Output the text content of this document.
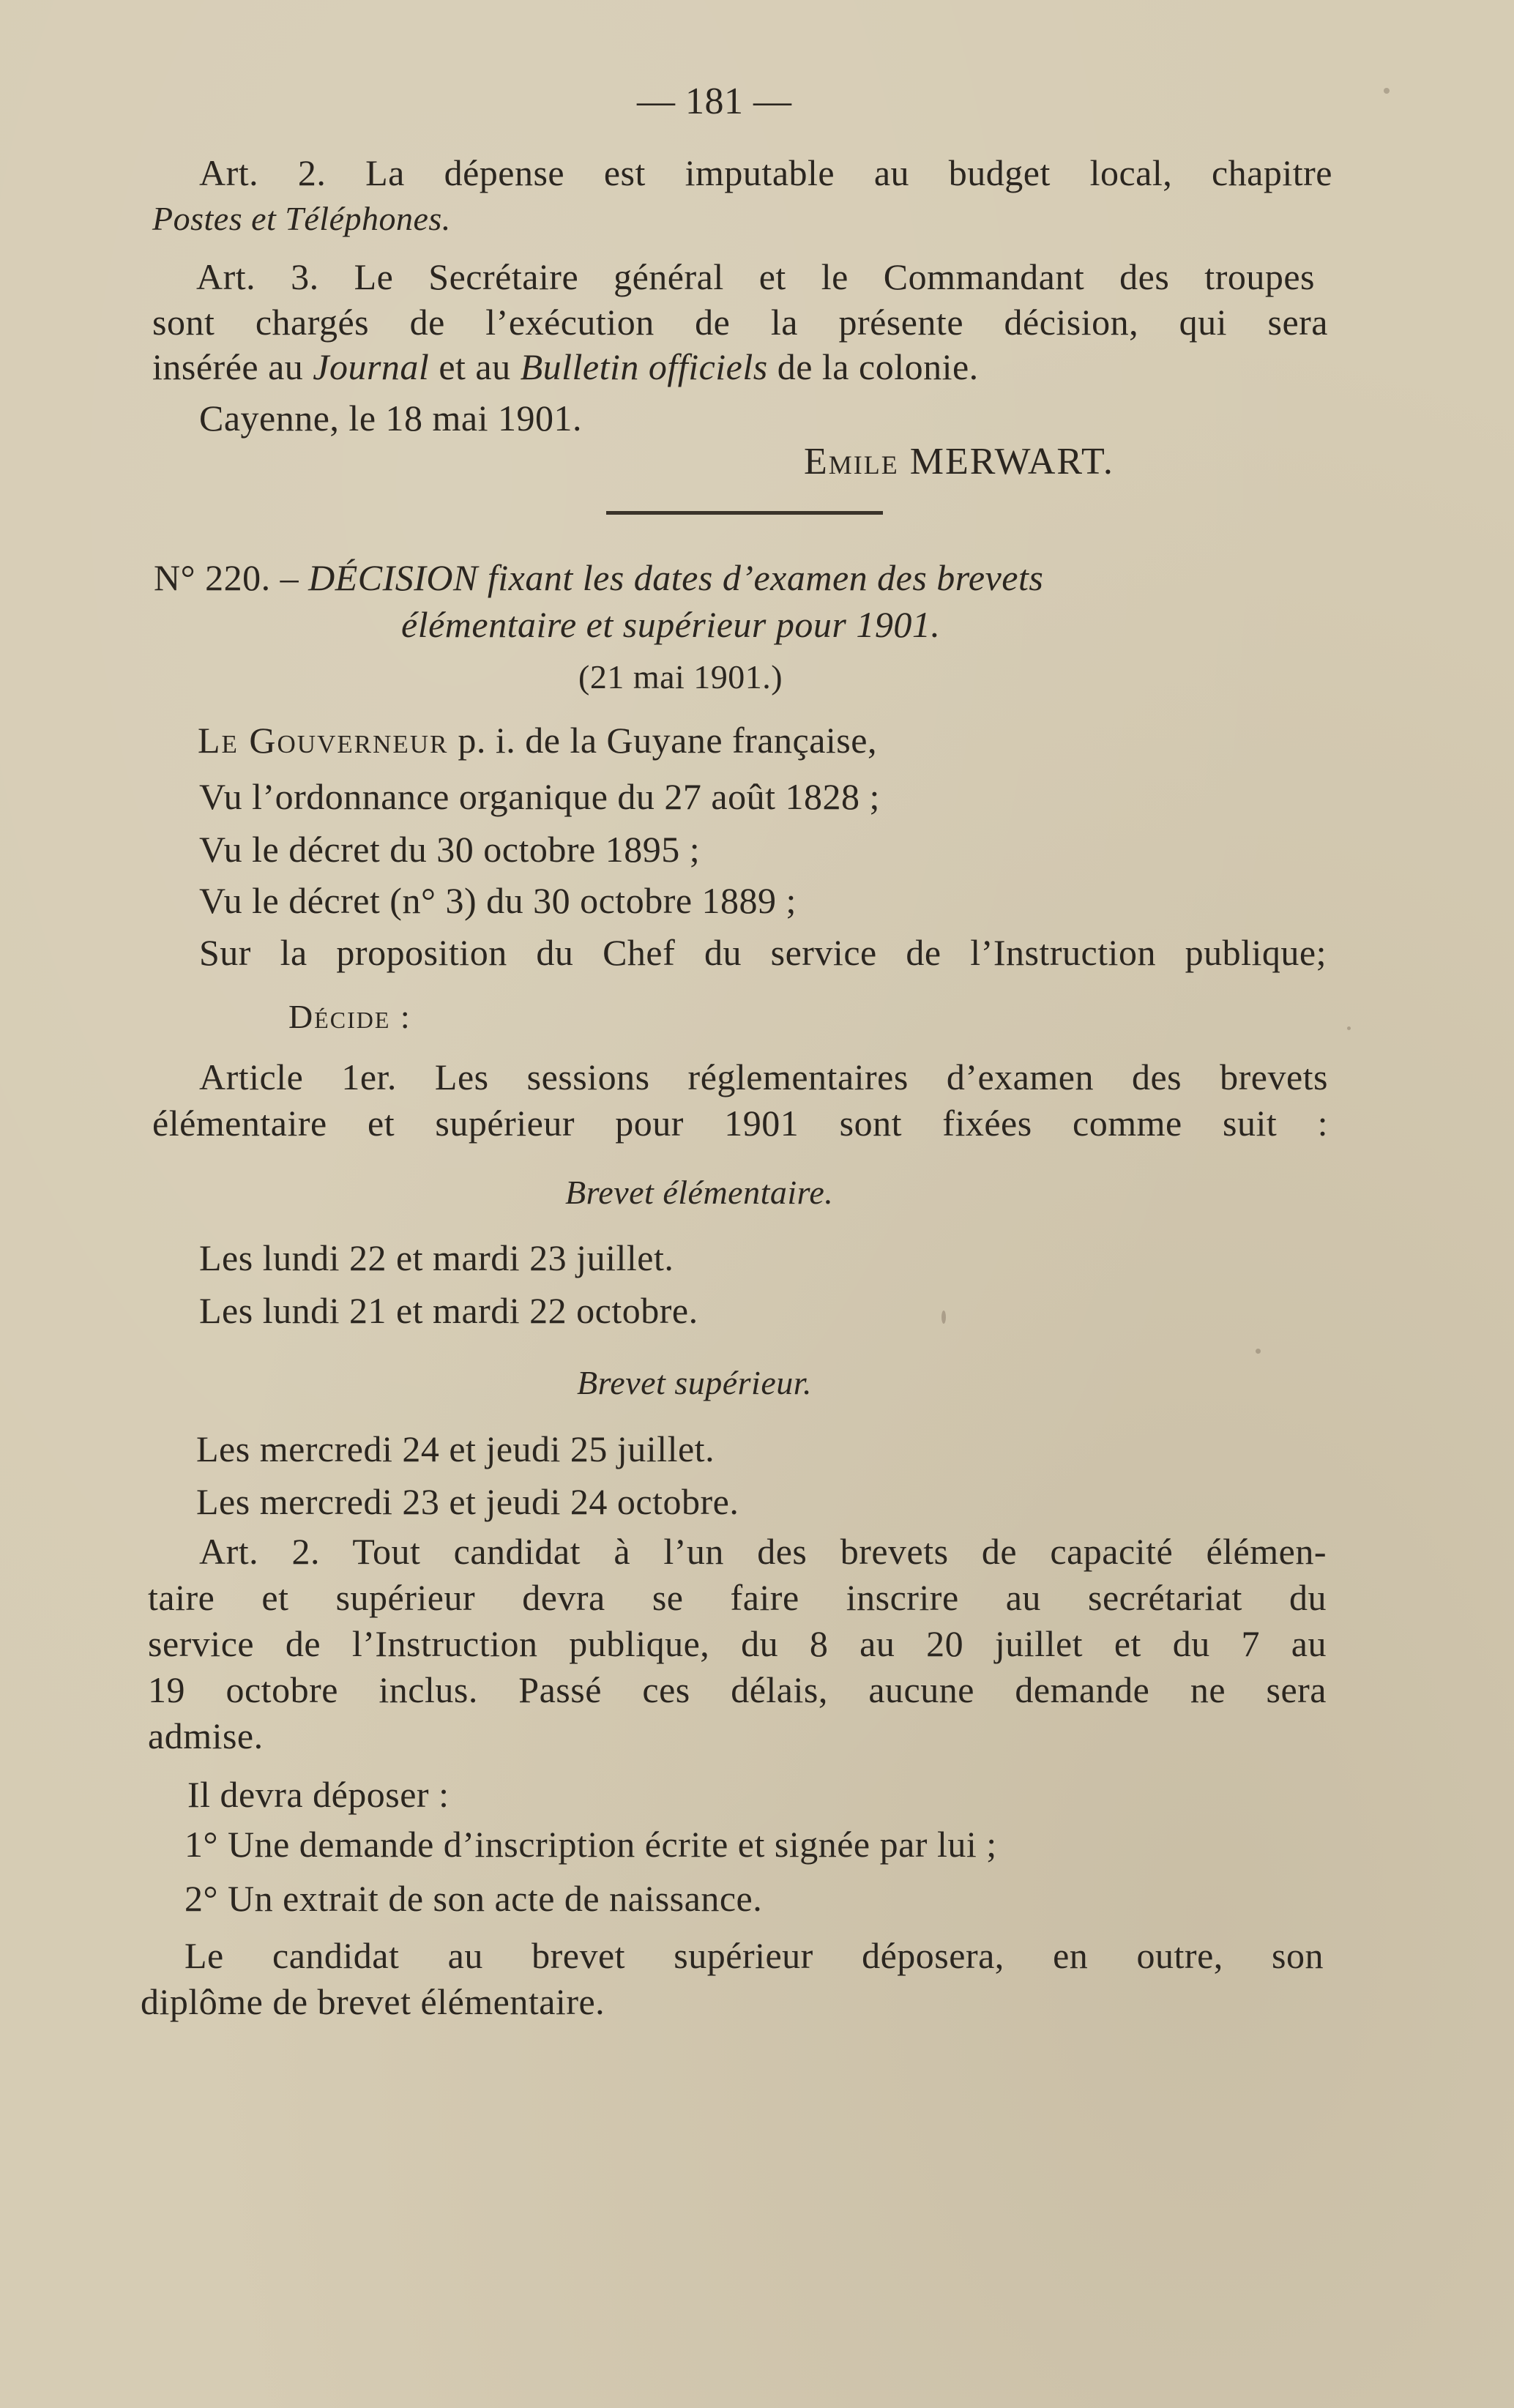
— 181 —
Art. 2. La dépense est imputable au budget local, chapitre
Postes et Téléphones.
Art. 3. Le Secrétaire général et le Commandant des troupes
sont chargés de l’exécution de la présente décision, qui sera
insérée au Journal et au Bulletin officiels de la colonie.
Cayenne, le 18 mai 1901.
Emile MERWART.
N° 220. – DÉCISION fixant les dates d’examen des brevets
élémentaire et supérieur pour 1901.
(21 mai 1901.)
Le Gouverneur p. i. de la Guyane française,
Vu l’ordonnance organique du 27 août 1828 ;
Vu le décret du 30 octobre 1895 ;
Vu le décret (n° 3) du 30 octobre 1889 ;
Sur la proposition du Chef du service de l’Instruction publique;
Décide :
Article 1er. Les sessions réglementaires d’examen des brevets
élémentaire et supérieur pour 1901 sont fixées comme suit :
Brevet élémentaire.
Les lundi 22 et mardi 23 juillet.
Les lundi 21 et mardi 22 octobre.
Brevet supérieur.
Les mercredi 24 et jeudi 25 juillet.
Les mercredi 23 et jeudi 24 octobre.
Art. 2. Tout candidat à l’un des brevets de capacité élémen-
taire et supérieur devra se faire inscrire au secrétariat du
service de l’Instruction publique, du 8 au 20 juillet et du 7 au
19 octobre inclus. Passé ces délais, aucune demande ne sera
admise.
Il devra déposer :
1° Une demande d’inscription écrite et signée par lui ;
2° Un extrait de son acte de naissance.
Le candidat au brevet supérieur déposera, en outre, son
diplôme de brevet élémentaire.
